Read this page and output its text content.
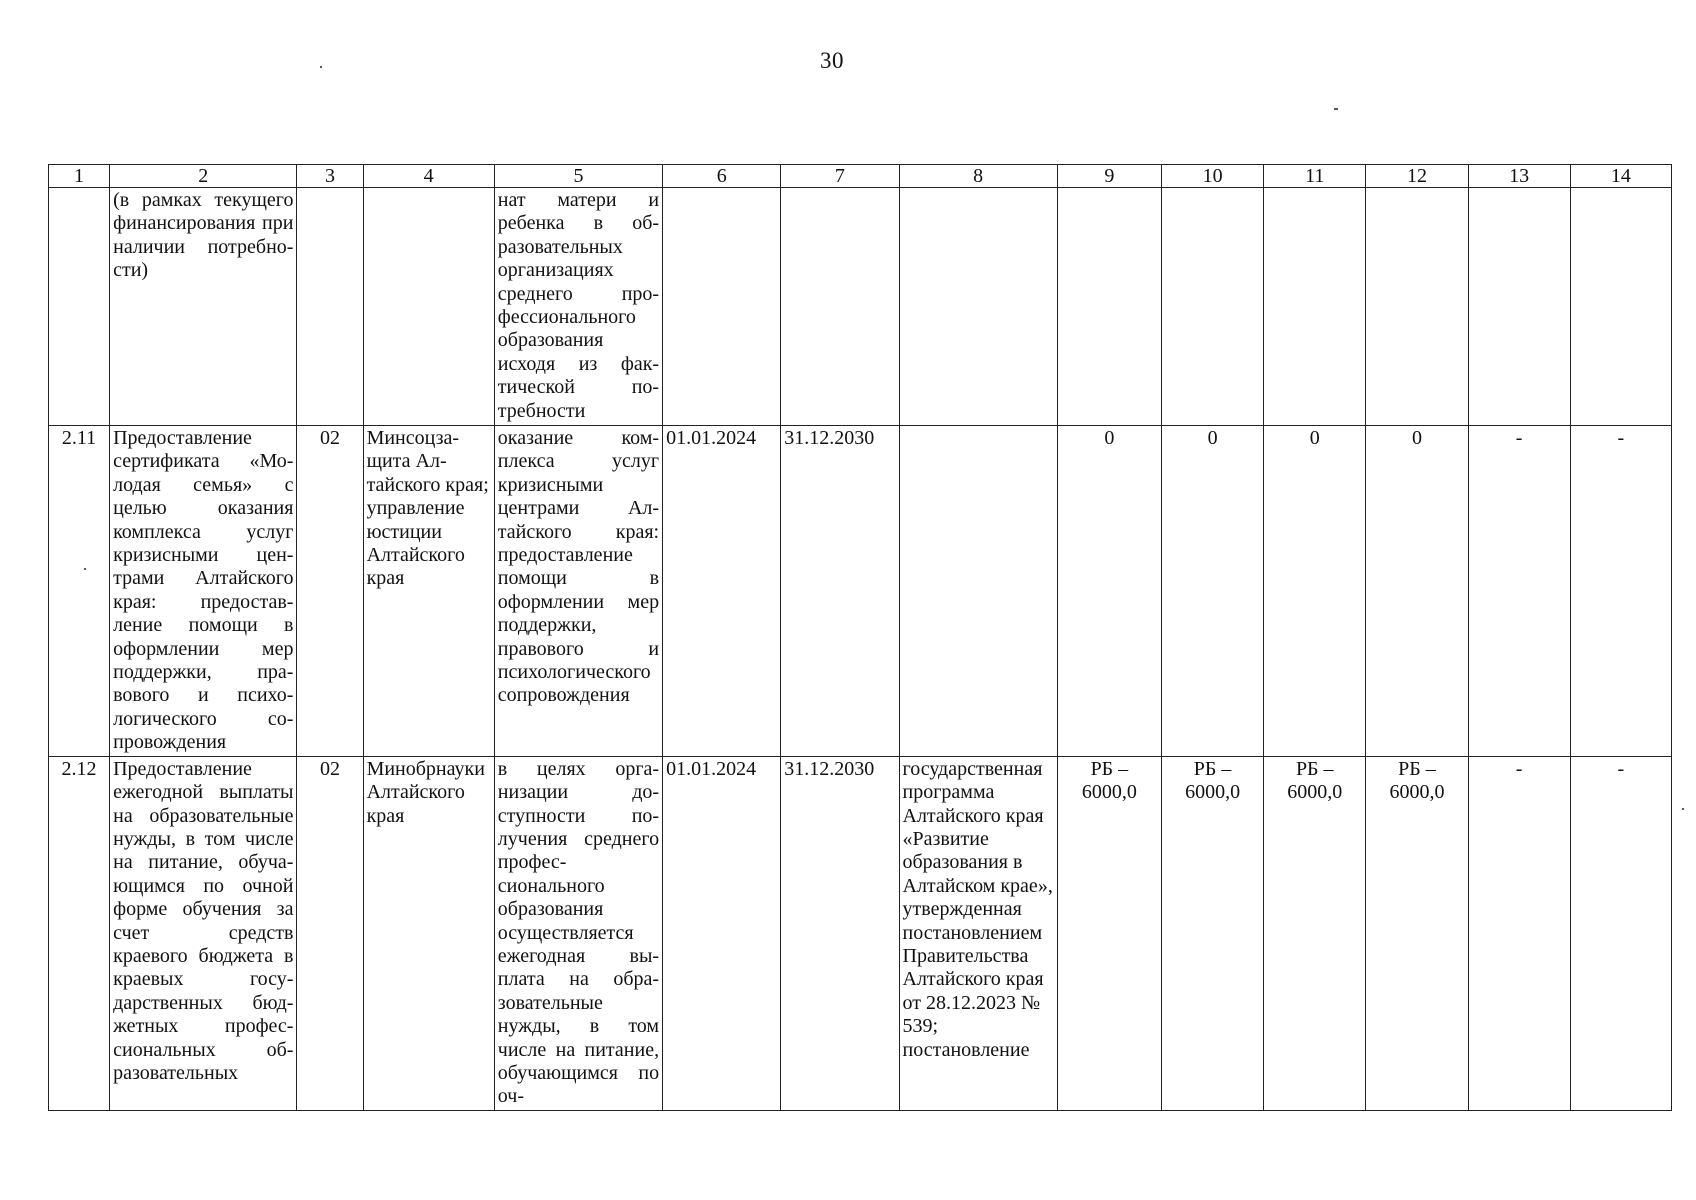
30
1	2	3	4	5	6	7	8	9	10	11	12	13	14
	(в рамках текущего финансирования при наличии потребности)			нат матери и ребенка в образовательных организациях среднего профессионального образования исходя из фактической потребности									
2.11	Предоставление сертификата «Молодая семья» с целью оказания комплекса услуг кризисными центрами Алтайского края: предоставление помощи в оформлении мер поддержки, правового и психологического сопровождения	02	Минсоцзащита Алтайского края; управление юстиции Алтайского края	оказание комплекса услуг кризисными центрами Алтайского края: предоставление помощи в оформлении мер поддержки, правового и психологического сопровождения	01.01.2024	31.12.2030		0	0	0	0	-	-
2.12	Предоставление ежегодной выплаты на образовательные нужды, в том числе на питание, обучающимся по очной форме обучения за счет средств краевого бюджета в краевых государственных бюджетных профессиональных образовательных	02	Минобрнауки Алтайского края	в целях организации доступности получения среднего профессионального образования осуществляется ежегодная выплата на образовательные нужды, в том числе на питание, обучающимся по оч-	01.01.2024	31.12.2030	государственная программа Алтайского края «Развитие образования в Алтайском крае», утвержденная постановлением Правительства Алтайского края от 28.12.2023 № 539; постановление	РБ – 6000,0	РБ – 6000,0	РБ – 6000,0	РБ – 6000,0	-	-
